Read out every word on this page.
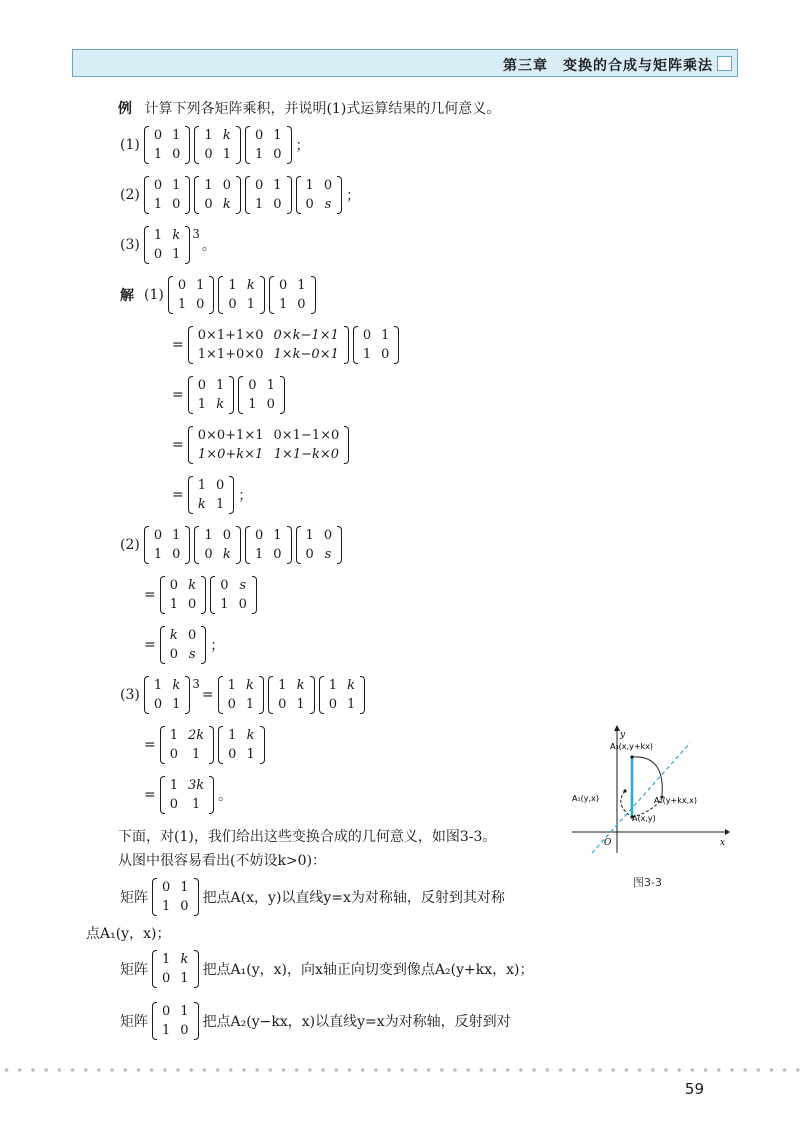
第三章　变换的合成与矩阵乘法
例 计算下列各矩阵乘积，并说明(1)式运算结果的几何意义。
(1)
0	1
1	0
1	k
0	1
0	1
1	0
；
(2)
0	1
1	0
1	0
0	k
0	1
1	0
1	0
0	s
；
(3)
1	k
0	1
$^3$
。
解 (1)
0	1
1	0
1	k
0	1
0	1
1	0
=
0×1+1×0	0×k−1×1
1×1+0×0	1×k−0×1
0	1
1	0
=
0	1
1	k
0	1
1	0
=
0×0+1×1	0×1−1×0
1×0+k×1	1×1−k×0
=
1	0
k	1
；
(2)
0	1
1	0
1	0
0	k
0	1
1	0
1	0
0	s
=
0	k
1	0
0	s
1	0
=
k	0
0	s
；
(3)
1	k
0	1
$^3$
=
1	k
0	1
1	k
0	1
1	k
0	1
=
1	2k
0	1
1	k
0	1
=
1	3k
0	1
。
y
x
O
A₃(x,y+kx)
A₁(y,x)	A₂(y+kx,x)
A(x,y)
图3-3
下面，对(1)，我们给出这些变换合成的几何意义，如图3-3。
从图中很容易看出(不妨设k>0)：
矩阵
0	1
1	0
把点A(x，y)以直线y=x为对称轴，反射到其对称
点A₁(y，x)；
矩阵
1	k
0	1
把点A₁(y，x)，向x轴正向切变到像点A₂(y+kx，x)；
矩阵
0	1
1	0
把点A₂(y−kx，x)以直线y=x为对称轴，反射到对
59
